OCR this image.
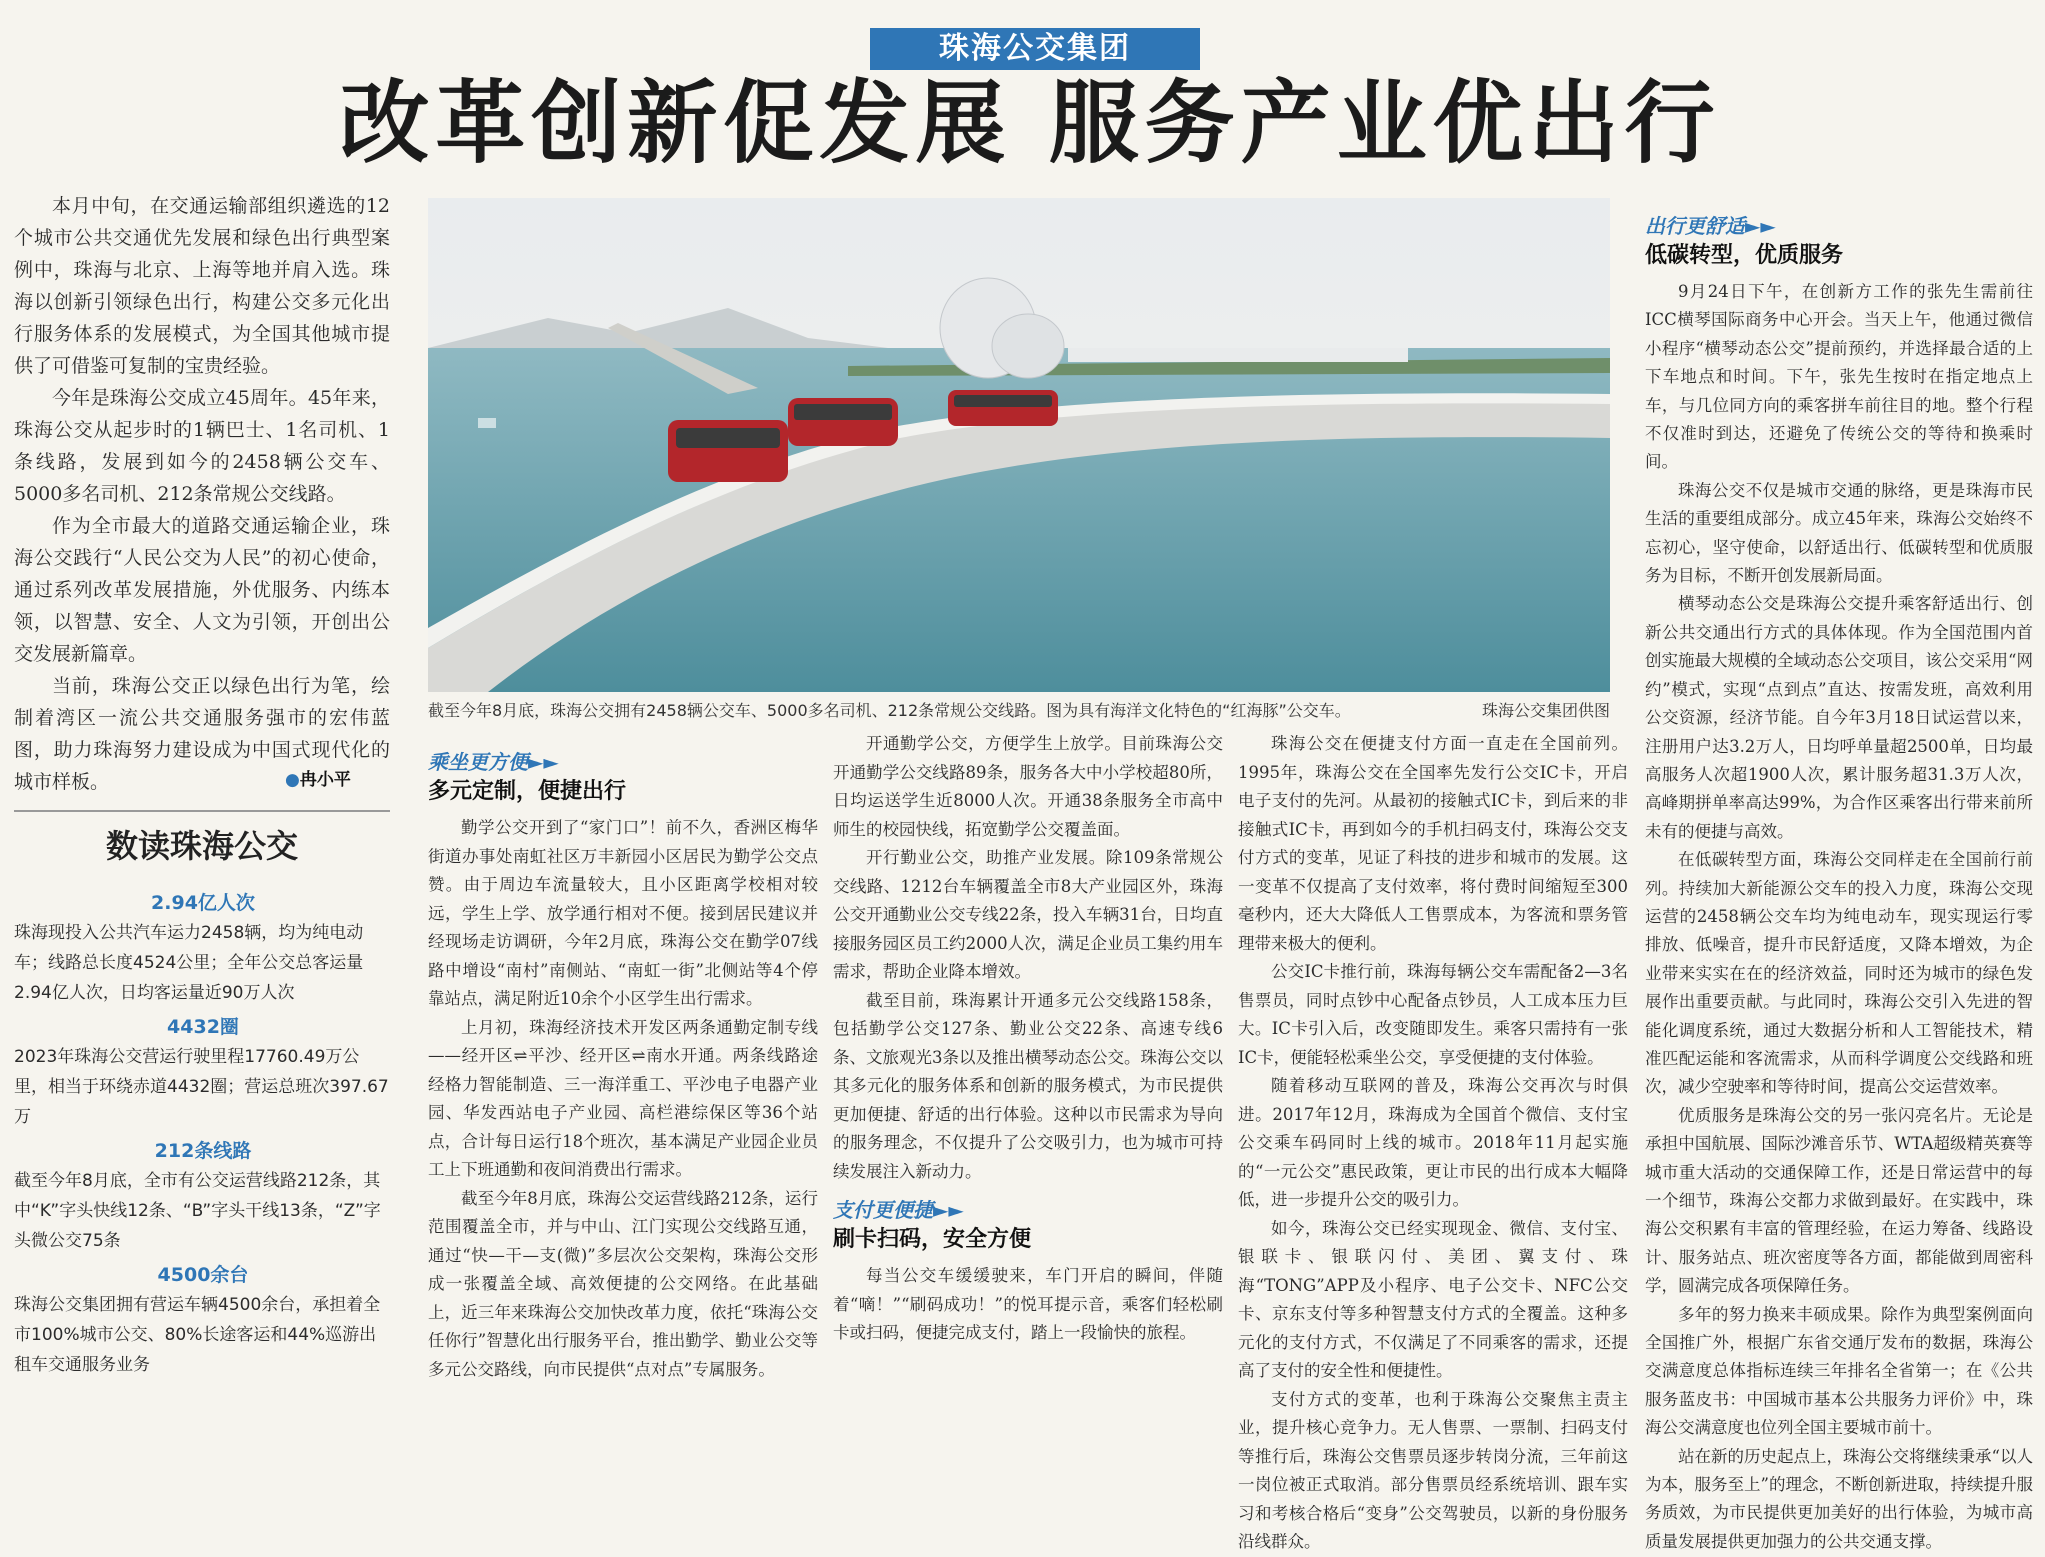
珠海公交集团
改革创新促发展 服务产业优出行

本月中旬，在交通运输部组织遴选的12个城市公共交通优先发展和绿色出行典型案例中，珠海与北京、上海等地并肩入选。珠海以创新引领绿色出行，构建公交多元化出行服务体系的发展模式，为全国其他城市提供了可借鉴可复制的宝贵经验。

今年是珠海公交成立45周年。45年来，珠海公交从起步时的1辆巴士、1名司机、1条线路，发展到如今的2458辆公交车、5000多名司机、212条常规公交线路。

作为全市最大的道路交通运输企业，珠海公交践行“人民公交为人民”的初心使命，通过系列改革发展措施，外优服务、内练本领，以智慧、安全、人文为引领，开创出公交发展新篇章。

当前，珠海公交正以绿色出行为笔，绘制着湾区一流公共交通服务强市的宏伟蓝图，助力珠海努力建设成为中国式现代化的城市样板。	●冉小平
数读珠海公交
2.94亿人次

珠海现投入公共汽车运力2458辆，均为纯电动车；线路总长度4524公里；全年公交总客运量2.94亿人次，日均客运量近90万人次

4432圈

2023年珠海公交营运行驶里程17760.49万公里，相当于环绕赤道4432圈；营运总班次397.67万

212条线路

截至今年8月底，全市有公交运营线路212条，其中“K”字头快线12条、“B”字头干线13条，“Z”字头微公交75条

4500余台

珠海公交集团拥有营运车辆4500余台，承担着全市100%城市公交、80%长途客运和44%巡游出租车交通服务业务

截至今年8月底，珠海公交拥有2458辆公交车、5000多名司机、212条常规公交线路。图为具有海洋文化特色的“红海豚”公交车。	珠海公交集团供图
乘坐更方便►►
多元定制，便捷出行

勤学公交开到了“家门口”！前不久，香洲区梅华街道办事处南虹社区万丰新园小区居民为勤学公交点赞。由于周边车流量较大，且小区距离学校相对较远，学生上学、放学通行相对不便。接到居民建议并经现场走访调研，今年2月底，珠海公交在勤学07线路中增设“南村”南侧站、“南虹一街”北侧站等4个停靠站点，满足附近10余个小区学生出行需求。

上月初，珠海经济技术开发区两条通勤定制专线——经开区⇌平沙、经开区⇌南水开通。两条线路途经格力智能制造、三一海洋重工、平沙电子电器产业园、华发西站电子产业园、高栏港综保区等36个站点，合计每日运行18个班次，基本满足产业园企业员工上下班通勤和夜间消费出行需求。

截至今年8月底，珠海公交运营线路212条，运行范围覆盖全市，并与中山、江门实现公交线路互通，通过“快—干—支(微)”多层次公交架构，珠海公交形成一张覆盖全域、高效便捷的公交网络。在此基础上，近三年来珠海公交加快改革力度，依托“珠海公交任你行”智慧化出行服务平台，推出勤学、勤业公交等多元公交路线，向市民提供“点对点”专属服务。

开通勤学公交，方便学生上放学。目前珠海公交开通勤学公交线路89条，服务各大中小学校超80所，日均运送学生近8000人次。开通38条服务全市高中师生的校园快线，拓宽勤学公交覆盖面。

开行勤业公交，助推产业发展。除109条常规公交线路、1212台车辆覆盖全市8大产业园区外，珠海公交开通勤业公交专线22条，投入车辆31台，日均直接服务园区员工约2000人次，满足企业员工集约用车需求，帮助企业降本增效。

截至目前，珠海累计开通多元公交线路158条，包括勤学公交127条、勤业公交22条、高速专线6条、文旅观光3条以及推出横琴动态公交。珠海公交以其多元化的服务体系和创新的服务模式，为市民提供更加便捷、舒适的出行体验。这种以市民需求为导向的服务理念，不仅提升了公交吸引力，也为城市可持续发展注入新动力。

支付更便捷►►
刷卡扫码，安全方便

每当公交车缓缓驶来，车门开启的瞬间，伴随着“嘀！”“刷码成功！”的悦耳提示音，乘客们轻松刷卡或扫码，便捷完成支付，踏上一段愉快的旅程。

珠海公交在便捷支付方面一直走在全国前列。1995年，珠海公交在全国率先发行公交IC卡，开启电子支付的先河。从最初的接触式IC卡，到后来的非接触式IC卡，再到如今的手机扫码支付，珠海公交支付方式的变革，见证了科技的进步和城市的发展。这一变革不仅提高了支付效率，将付费时间缩短至300毫秒内，还大大降低人工售票成本，为客流和票务管理带来极大的便利。

公交IC卡推行前，珠海每辆公交车需配备2—3名售票员，同时点钞中心配备点钞员，人工成本压力巨大。IC卡引入后，改变随即发生。乘客只需持有一张IC卡，便能轻松乘坐公交，享受便捷的支付体验。

随着移动互联网的普及，珠海公交再次与时俱进。2017年12月，珠海成为全国首个微信、支付宝公交乘车码同时上线的城市。2018年11月起实施的“一元公交”惠民政策，更让市民的出行成本大幅降低，进一步提升公交的吸引力。

如今，珠海公交已经实现现金、微信、支付宝、银联卡、银联闪付、美团、翼支付、珠海“TONG”APP及小程序、电子公交卡、NFC公交卡、京东支付等多种智慧支付方式的全覆盖。这种多元化的支付方式，不仅满足了不同乘客的需求，还提高了支付的安全性和便捷性。

支付方式的变革，也利于珠海公交聚焦主责主业，提升核心竞争力。无人售票、一票制、扫码支付等推行后，珠海公交售票员逐步转岗分流，三年前这一岗位被正式取消。部分售票员经系统培训、跟车实习和考核合格后“变身”公交驾驶员，以新的身份服务沿线群众。

出行更舒适►►
低碳转型，优质服务

9月24日下午，在创新方工作的张先生需前往ICC横琴国际商务中心开会。当天上午，他通过微信小程序“横琴动态公交”提前预约，并选择最合适的上下车地点和时间。下午，张先生按时在指定地点上车，与几位同方向的乘客拼车前往目的地。整个行程不仅准时到达，还避免了传统公交的等待和换乘时间。

珠海公交不仅是城市交通的脉络，更是珠海市民生活的重要组成部分。成立45年来，珠海公交始终不忘初心，坚守使命，以舒适出行、低碳转型和优质服务为目标，不断开创发展新局面。

横琴动态公交是珠海公交提升乘客舒适出行、创新公共交通出行方式的具体体现。作为全国范围内首创实施最大规模的全域动态公交项目，该公交采用“网约”模式，实现“点到点”直达、按需发班，高效利用公交资源，经济节能。自今年3月18日试运营以来，注册用户达3.2万人，日均呼单量超2500单，日均最高服务人次超1900人次，累计服务超31.3万人次，高峰期拼单率高达99%，为合作区乘客出行带来前所未有的便捷与高效。

在低碳转型方面，珠海公交同样走在全国前行前列。持续加大新能源公交车的投入力度，珠海公交现运营的2458辆公交车均为纯电动车，现实现运行零排放、低噪音，提升市民舒适度，又降本增效，为企业带来实实在在的经济效益，同时还为城市的绿色发展作出重要贡献。与此同时，珠海公交引入先进的智能化调度系统，通过大数据分析和人工智能技术，精准匹配运能和客流需求，从而科学调度公交线路和班次，减少空驶率和等待时间，提高公交运营效率。

优质服务是珠海公交的另一张闪亮名片。无论是承担中国航展、国际沙滩音乐节、WTA超级精英赛等城市重大活动的交通保障工作，还是日常运营中的每一个细节，珠海公交都力求做到最好。在实践中，珠海公交积累有丰富的管理经验，在运力筹备、线路设计、服务站点、班次密度等各方面，都能做到周密科学，圆满完成各项保障任务。

多年的努力换来丰硕成果。除作为典型案例面向全国推广外，根据广东省交通厅发布的数据，珠海公交满意度总体指标连续三年排名全省第一；在《公共服务蓝皮书：中国城市基本公共服务力评价》中，珠海公交满意度也位列全国主要城市前十。

站在新的历史起点上，珠海公交将继续秉承“以人为本，服务至上”的理念，不断创新进取，持续提升服务质效，为市民提供更加美好的出行体验，为城市高质量发展提供更加强力的公共交通支撑。
